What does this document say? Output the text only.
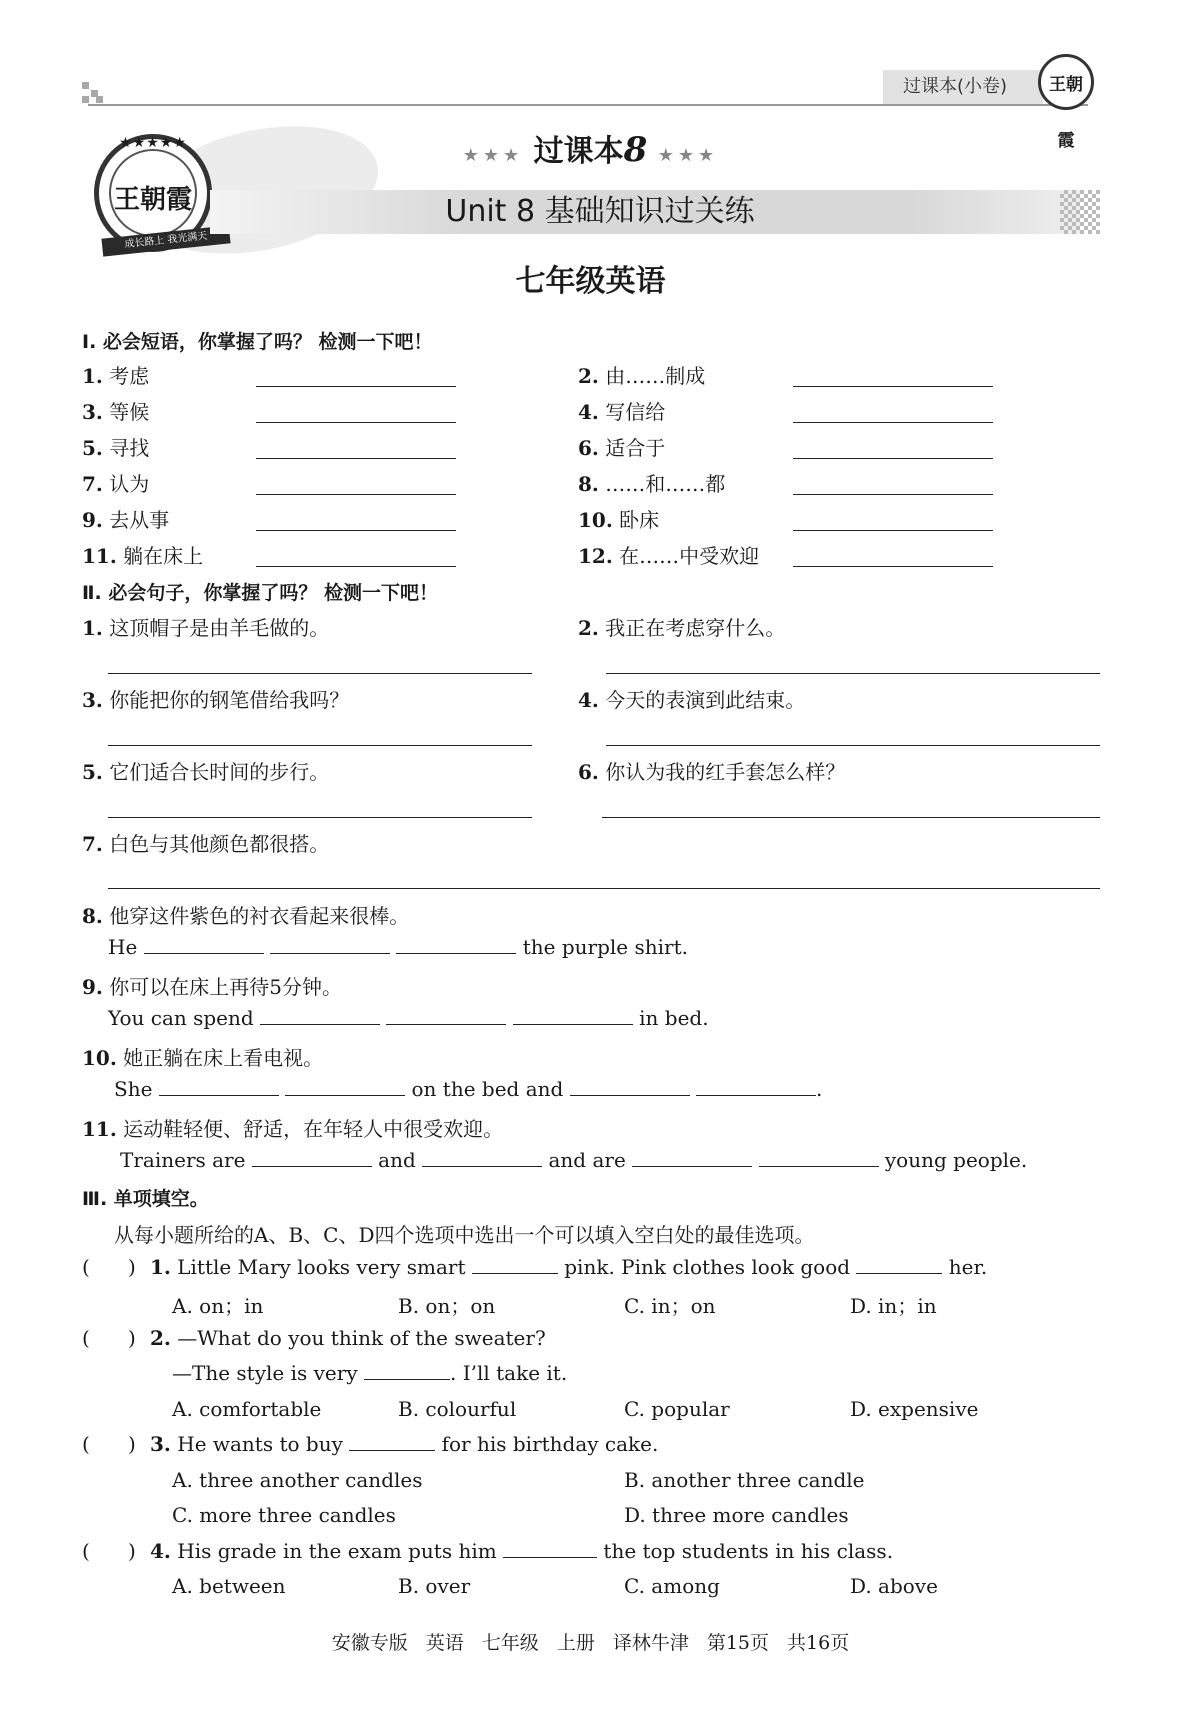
过课本(小卷)	王朝霞
★★★★★
王朝霞
成长路上 我光满天
★★★ 过课本8 ★★★
Unit 8 基础知识过关练
七年级英语
Ⅰ. 必会短语，你掌握了吗？ 检测一下吧！
1. 考虑	2. 由……制成
3. 等候	4. 写信给
5. 寻找	6. 适合于
7. 认为	8. ……和……都
9. 去从事	10. 卧床
11. 躺在床上	12. 在……中受欢迎
Ⅱ. 必会句子，你掌握了吗？ 检测一下吧！
1. 这顶帽子是由羊毛做的。	2. 我正在考虑穿什么。
3. 你能把你的钢笔借给我吗？	4. 今天的表演到此结束。
5. 它们适合长时间的步行。	6. 你认为我的红手套怎么样？
7. 白色与其他颜色都很搭。
8. 他穿这件紫色的衬衣看起来很棒。
He	the purple shirt.
9. 你可以在床上再待5分钟。
You can spend	in bed.
10. 她正躺在床上看电视。
She	on the bed and	.
11. 运动鞋轻便、舒适，在年轻人中很受欢迎。
Trainers are	and	and are	young people.
Ⅲ. 单项填空。
从每小题所给的A、B、C、D四个选项中选出一个可以填入空白处的最佳选项。
(      ) 1. Little Mary looks very smart	pink. Pink clothes look good	her.
A. on；in	B. on；on	C. in；on	D. in；in
(      ) 2. —What do you think of the sweater?
—The style is very	. I’ll take it.
A. comfortable	B. colourful	C. popular	D. expensive
(      ) 3. He wants to buy	for his birthday cake.
A. three another candles	B. another three candle
C. more three candles	D. three more candles
(      ) 4. His grade in the exam puts him	the top students in his class.
A. between	B. over	C. among	D. above
安徽专版 英语 七年级 上册 译林牛津 第15页 共16页
